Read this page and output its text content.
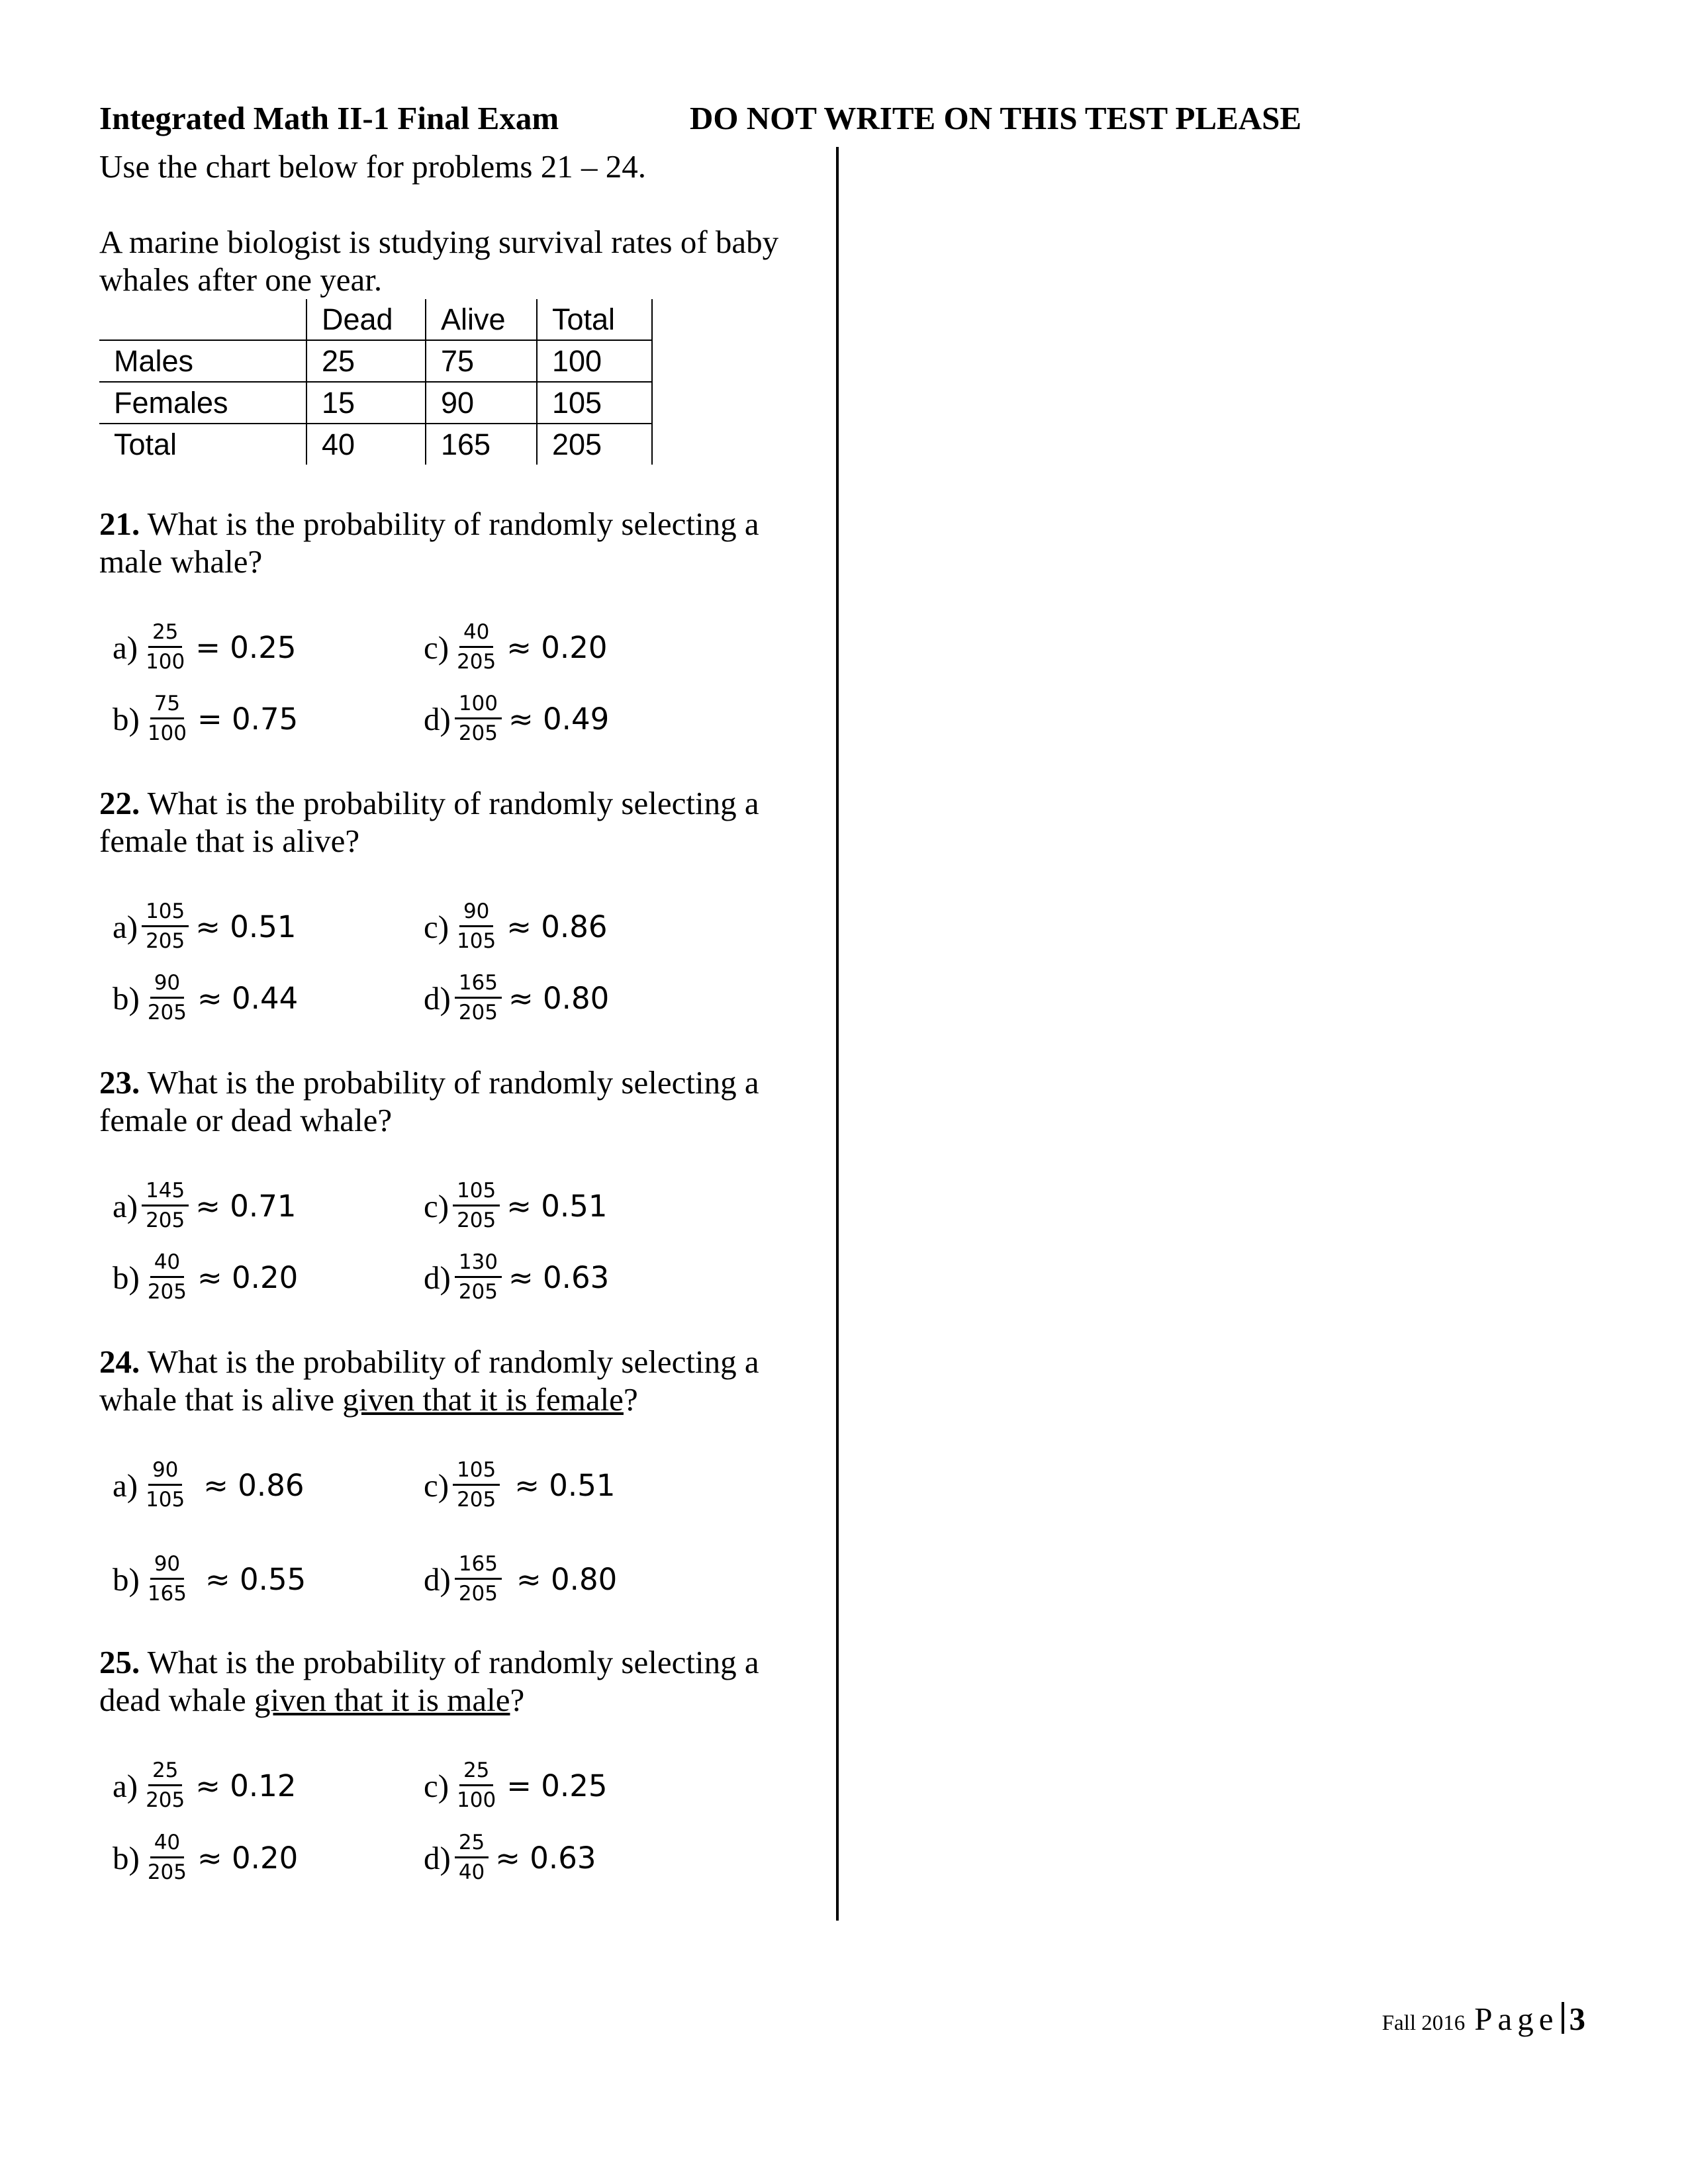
Integrated Math II-1 Final Exam	DO NOT WRITE ON THIS TEST PLEASE
Use the chart below for problems 21 – 24.
A marine biologist is studying survival rates of baby
whales after one year.
	Dead	Alive	Total
Males	25	75	100
Females	15	90	105
Total	40	165	205
21. What is the probability of randomly selecting a
male whale?
$a) \frac{25}{100} = 0.25$
$b) \frac{75}{100} = 0.75$
$c) \frac{40}{205} \approx 0.20$
$d) \frac{100}{205} \approx 0.49$
22. What is the probability of randomly selecting a
female that is alive?
$a) \frac{105}{205} \approx 0.51$
$b) \frac{90}{205} \approx 0.44$
$c) \frac{90}{105} \approx 0.86$
$d) \frac{165}{205} \approx 0.80$
23. What is the probability of randomly selecting a
female or dead whale?
$a) \frac{145}{205} \approx 0.71$
$b) \frac{40}{205} \approx 0.20$
$c) \frac{105}{205} \approx 0.51$
$d) \frac{130}{205} \approx 0.63$
24. What is the probability of randomly selecting a
whale that is alive given that it is female?
$a) \frac{90}{105} \approx 0.86$
$b) \frac{90}{165} \approx 0.55$
$c) \frac{105}{205} \approx 0.51$
$d) \frac{165}{205} \approx 0.80$
25. What is the probability of randomly selecting a
dead whale given that it is male?
$a) \frac{25}{205} \approx 0.12$
$b) \frac{40}{205} \approx 0.20$
$c) \frac{25}{100} = 0.25$
$d) \frac{25}{40} \approx 0.63$
Fall 2016 Page 3
